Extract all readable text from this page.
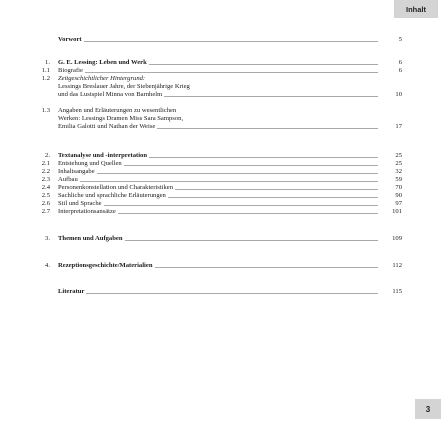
Inhalt
Vorwort	5
1. G. E. Lessing: Leben und Werk	6
1.1 Biografie	6
1.2 Zeitgeschichtlicher Hintergrund:
Lessings Breslauer Jahre, der Siebenjährige Krieg
und das Lustspiel Minna von Barnhelm	10
1.3 Angaben und Erläuterungen zu wesentlichen
Werken: Lessings Dramen Miss Sara Sampson,
Emilia Galotti und Nathan der Weise	17
2. Textanalyse und -interpretation	25
2.1 Entstehung und Quellen	25
2.2 Inhaltsangabe	32
2.3 Aufbau	59
2.4 Personenkonstellation und Charakteristiken	70
2.5 Sachliche und sprachliche Erläuterungen	90
2.6 Stil und Sprache	97
2.7 Interpretationsansätze	101
3. Themen und Aufgaben	109
4. Rezeptionsgeschichte/Materialien	112
Literatur	115
3
